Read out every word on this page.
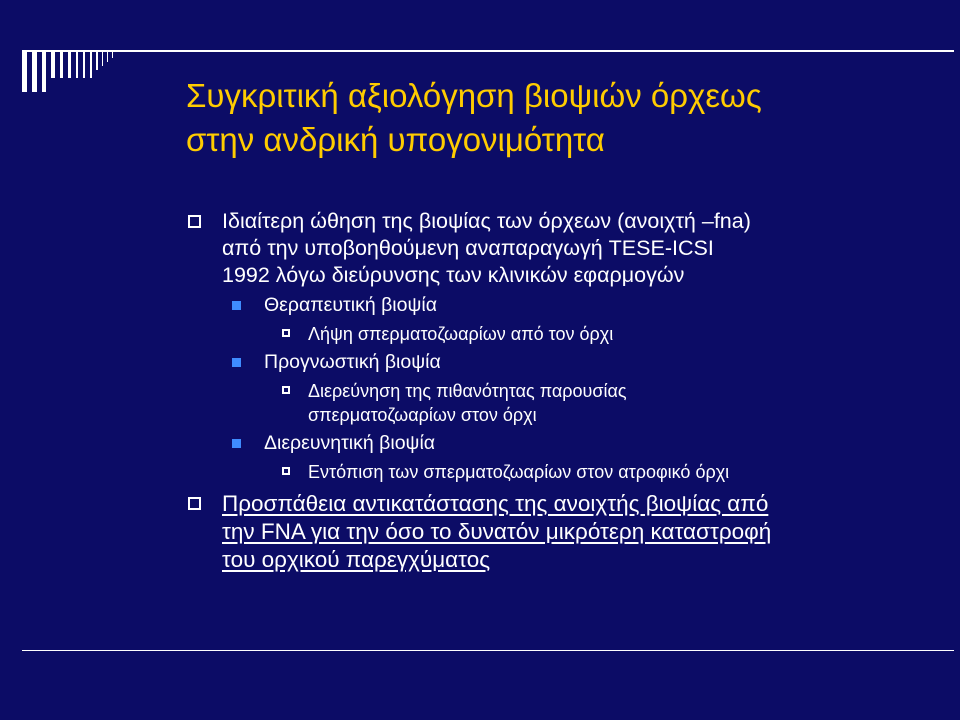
Συγκριτική αξιολόγηση βιοψιών όρχεως
στην ανδρική υπογονιμότητα
Ιδιαίτερη ώθηση της βιοψίας των όρχεων (ανοιχτή –fna)
από την υποβοηθούμενη αναπαραγωγή TESE-ICSI
1992 λόγω διεύρυνσης των κλινικών εφαρμογών
Θεραπευτική βιοψία
Λήψη σπερματοζωαρίων από τον όρχι
Προγνωστική βιοψία
Διερεύνηση της πιθανότητας παρουσίας
σπερματοζωαρίων στον όρχι
Διερευνητική βιοψία
Εντόπιση των σπερματοζωαρίων στον ατροφικό όρχι
Προσπάθεια αντικατάστασης της ανοιχτής βιοψίας από
την FNA για την όσο το δυνατόν μικρότερη καταστροφή
του ορχικού παρεγχύματος
